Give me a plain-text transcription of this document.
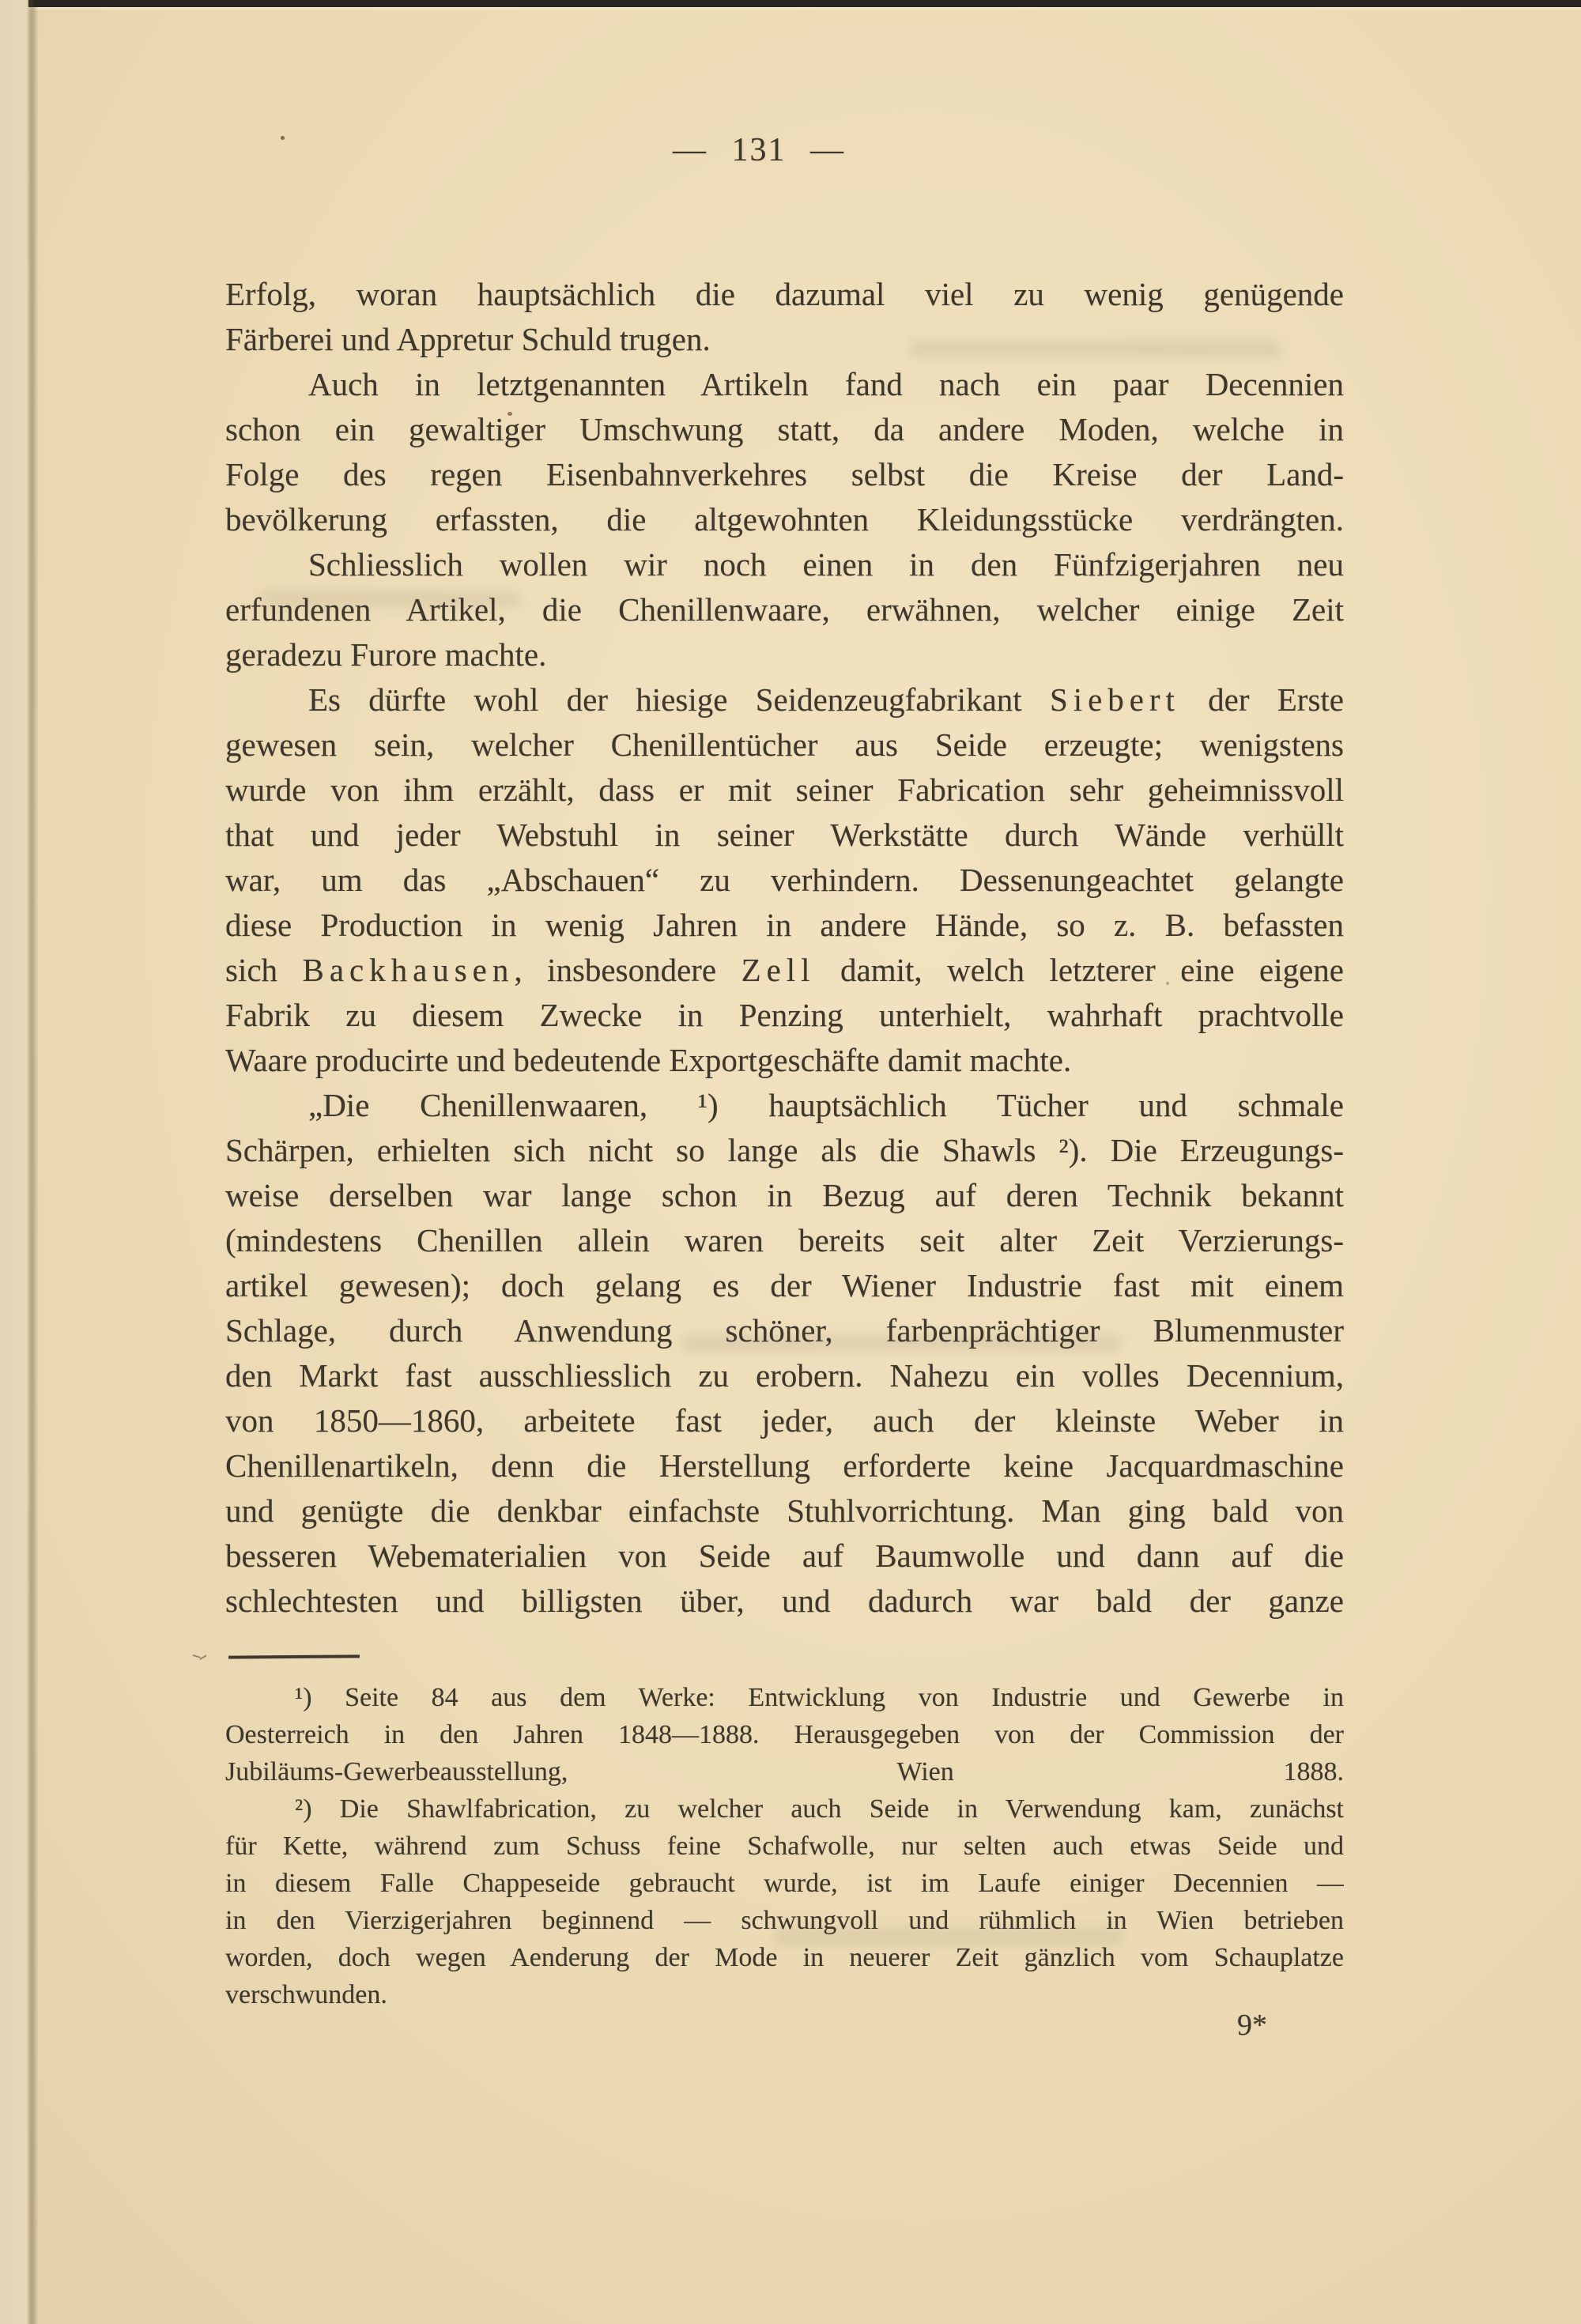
— 131 —
Erfolg, woran hauptsächlich die dazumal viel zu wenig genügende
Färberei und Appretur Schuld trugen.
Auch in letztgenannten Artikeln fand nach ein paar Decennien
schon ein gewaltiger Umschwung statt, da andere Moden, welche in
Folge des regen Eisenbahnverkehres selbst die Kreise der Land-
bevölkerung erfassten, die altgewohnten Kleidungsstücke verdrängten.
Schliesslich wollen wir noch einen in den Fünfzigerjahren neu
erfundenen Artikel, die Chenillenwaare, erwähnen, welcher einige Zeit
geradezu Furore machte.
Es dürfte wohl der hiesige Seidenzeugfabrikant Siebert der Erste
gewesen sein, welcher Chenillentücher aus Seide erzeugte; wenigstens
wurde von ihm erzählt, dass er mit seiner Fabrication sehr geheimnissvoll
that und jeder Webstuhl in seiner Werkstätte durch Wände verhüllt
war, um das „Abschauen“ zu verhindern. Dessenungeachtet gelangte
diese Production in wenig Jahren in andere Hände, so z. B. befassten
sich Backhausen, insbesondere Zell damit, welch letzterer eine eigene
Fabrik zu diesem Zwecke in Penzing unterhielt, wahrhaft prachtvolle
Waare producirte und bedeutende Exportgeschäfte damit machte.
„Die Chenillenwaaren, ¹) hauptsächlich Tücher und schmale
Schärpen, erhielten sich nicht so lange als die Shawls ²). Die Erzeugungs-
weise derselben war lange schon in Bezug auf deren Technik bekannt
(mindestens Chenillen allein waren bereits seit alter Zeit Verzierungs-
artikel gewesen); doch gelang es der Wiener Industrie fast mit einem
Schlage, durch Anwendung schöner, farbenprächtiger Blumenmuster
den Markt fast ausschliesslich zu erobern. Nahezu ein volles Decennium,
von 1850—1860, arbeitete fast jeder, auch der kleinste Weber in
Chenillenartikeln, denn die Herstellung erforderte keine Jacquardmaschine
und genügte die denkbar einfachste Stuhlvorrichtung. Man ging bald von
besseren Webematerialien von Seide auf Baumwolle und dann auf die
schlechtesten und billigsten über, und dadurch war bald der ganze
¹) Seite 84 aus dem Werke: Entwicklung von Industrie und Gewerbe in
Oesterreich in den Jahren 1848—1888. Herausgegeben von der Commission der
Jubiläums-Gewerbeausstellung, Wien 1888.
²) Die Shawlfabrication, zu welcher auch Seide in Verwendung kam, zunächst
für Kette, während zum Schuss feine Schafwolle, nur selten auch etwas Seide und
in diesem Falle Chappeseide gebraucht wurde, ist im Laufe einiger Decennien —
in den Vierzigerjahren beginnend — schwungvoll und rühmlich in Wien betrieben
worden, doch wegen Aenderung der Mode in neuerer Zeit gänzlich vom Schauplatze
verschwunden.
9*
